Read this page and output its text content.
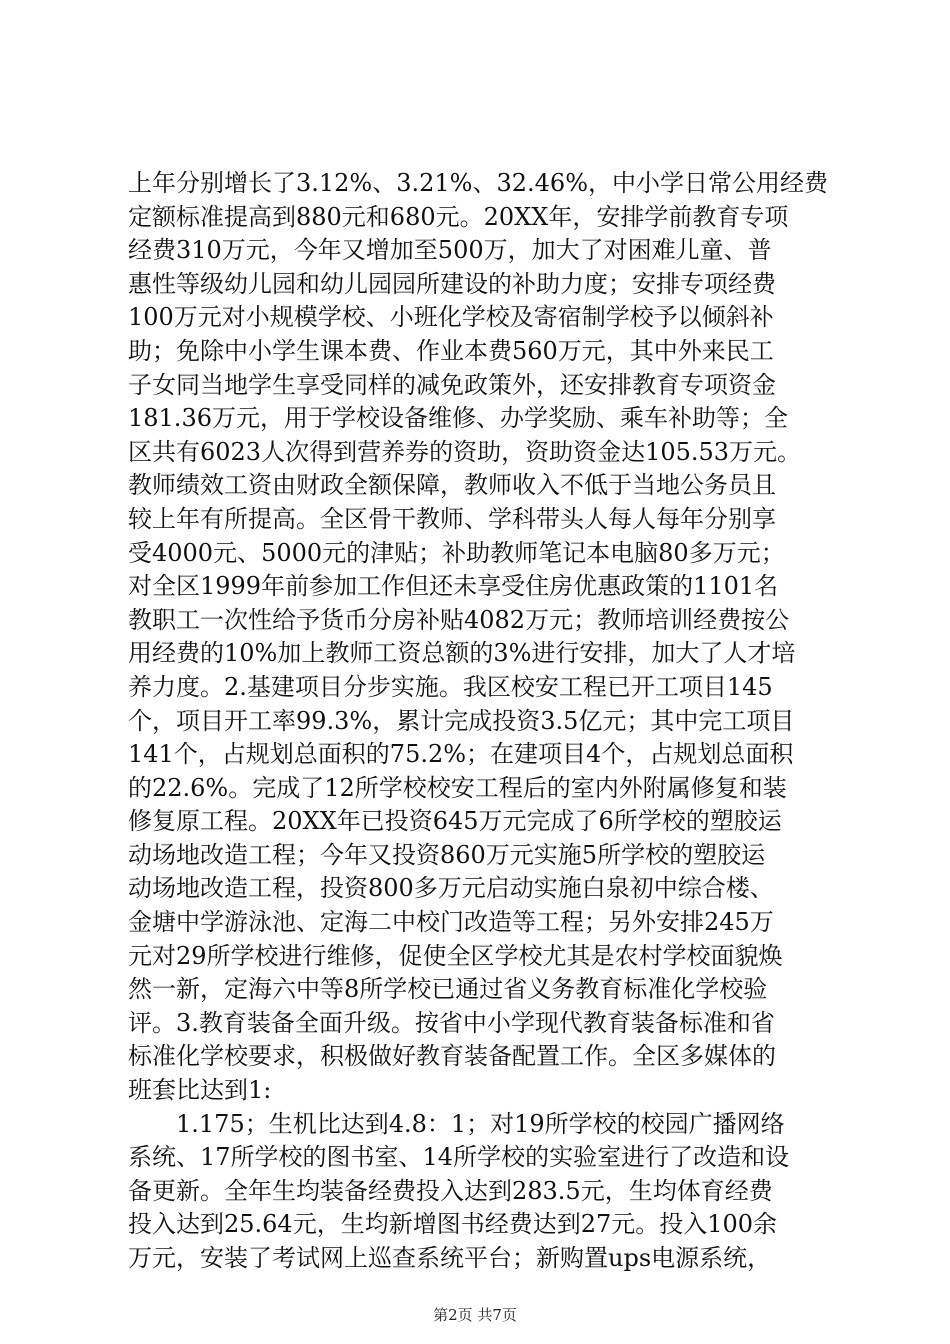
上年分别增长了3.12%、3.21%、32.46%，中小学日常公用经费
定额标准提高到880元和680元。20XX年，安排学前教育专项
经费310万元，今年又增加至500万，加大了对困难儿童、普
惠性等级幼儿园和幼儿园园所建设的补助力度；安排专项经费
100万元对小规模学校、小班化学校及寄宿制学校予以倾斜补
助；免除中小学生课本费、作业本费560万元，其中外来民工
子女同当地学生享受同样的减免政策外，还安排教育专项资金
181.36万元，用于学校设备维修、办学奖励、乘车补助等；全
区共有6023人次得到营养券的资助，资助资金达105.53万元。
教师绩效工资由财政全额保障，教师收入不低于当地公务员且
较上年有所提高。全区骨干教师、学科带头人每人每年分别享
受4000元、5000元的津贴；补助教师笔记本电脑80多万元；
对全区1999年前参加工作但还未享受住房优惠政策的1101名
教职工一次性给予货币分房补贴4082万元；教师培训经费按公
用经费的10%加上教师工资总额的3%进行安排，加大了人才培
养力度。2.基建项目分步实施。我区校安工程已开工项目145
个，项目开工率99.3%，累计完成投资3.5亿元；其中完工项目
141个，占规划总面积的75.2%；在建项目4个，占规划总面积
的22.6%。完成了12所学校校安工程后的室内外附属修复和装
修复原工程。20XX年已投资645万元完成了6所学校的塑胶运
动场地改造工程；今年又投资860万元实施5所学校的塑胶运
动场地改造工程，投资800多万元启动实施白泉初中综合楼、
金塘中学游泳池、定海二中校门改造等工程；另外安排245万
元对29所学校进行维修，促使全区学校尤其是农村学校面貌焕
然一新，定海六中等8所学校已通过省义务教育标准化学校验
评。3.教育装备全面升级。按省中小学现代教育装备标准和省
标准化学校要求，积极做好教育装备配置工作。全区多媒体的
班套比达到1:
1.175；生机比达到4.8：1；对19所学校的校园广播网络
系统、17所学校的图书室、14所学校的实验室进行了改造和设
备更新。全年生均装备经费投入达到283.5元，生均体育经费
投入达到25.64元，生均新增图书经费达到27元。投入100余
万元，安装了考试网上巡查系统平台；新购置ups电源系统，
第2页 共7页
